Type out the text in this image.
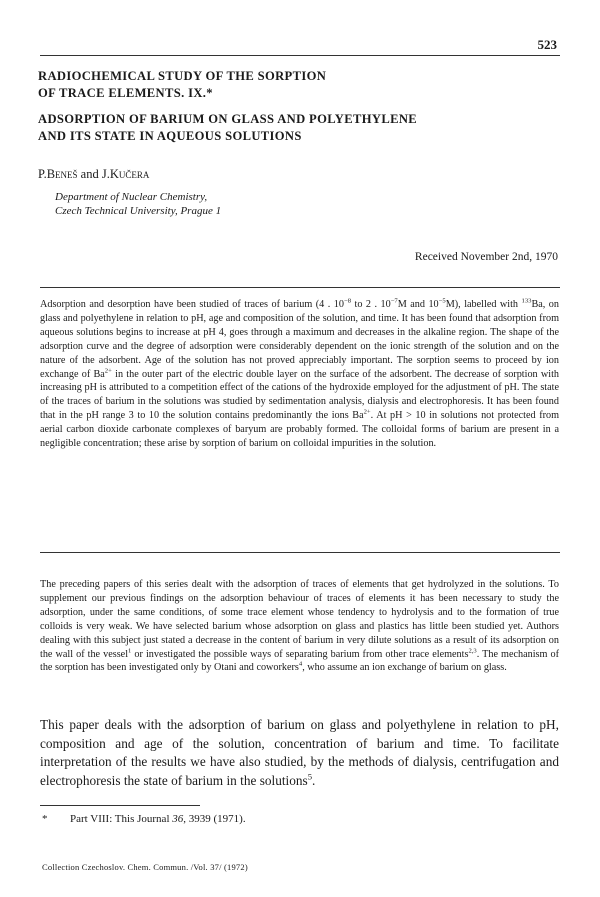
523
RADIOCHEMICAL STUDY OF THE SORPTION
OF TRACE ELEMENTS. IX.*
ADSORPTION OF BARIUM ON GLASS AND POLYETHYLENE
AND ITS STATE IN AQUEOUS SOLUTIONS
P.Beneš and J.Kučera
Department of Nuclear Chemistry,
Czech Technical University, Prague 1
Received November 2nd, 1970

Adsorption and desorption have been studied of traces of barium (4 . $10^{-8}$ to 2 . $10^{-7}M$ and $10^{-5}M$), labelled with $^{133}$Ba, on glass and polyethylene in relation to pH, age and composition of the solution, and time. It has been found that adsorption from aqueous solutions begins to increase at pH 4, goes through a maximum and decreases in the alkaline region. The shape of the adsorption curve and the degree of adsorption were considerably dependent on the ionic strength of the solution and on the nature of the adsorbent. Age of the solution has not proved appreciably important. The sorption seems to proceed by ion exchange of $Ba^{2+}$ in the outer part of the electric double layer on the surface of the adsorbent. The decrease of sorption with increasing pH is attributed to a competition effect of the cations of the hydroxide employed for the adjustment of pH. The state of the traces of barium in the solutions was studied by sedimentation analysis, dialysis and electrophoresis. It has been found that in the pH range 3 to 10 the solution contains predominantly the ions $Ba^{2+}$. At pH > 10 in solutions not protected from aerial carbon dioxide carbonate complexes of baryum are probably formed. The colloidal forms of barium are present in a negligible concentration; these arise by sorption of barium on colloidal impurities in the solution.

The preceding papers of this series dealt with the adsorption of traces of elements that get hydrolyzed in the solutions. To supplement our previous findings on the adsorption behaviour of traces of elements it has been necessary to study the adsorption, under the same conditions, of some trace element whose tendency to hydrolysis and to the formation of true colloids is very weak. We have selected barium whose adsorption on glass and plastics has little been studied yet. Authors dealing with this subject just stated a decrease in the content of barium in very dilute solutions as a result of its adsorption on the wall of the vessel$^1$ or investigated the possible ways of separating barium from other trace elements$^{2,3}$. The mechanism of the sorption has been investigated only by Otani and coworkers$^4$, who assume an ion exchange of barium on glass.

This paper deals with the adsorption of barium on glass and polyethylene in relation to pH, composition and age of the solution, concentration of barium and time. To facilitate interpretation of the results we have also studied, by the methods of dialysis, centrifugation and electrophoresis the state of barium in the solutions$^5$.

* Part VIII: This Journal 36, 3939 (1971).
Collection Czechoslov. Chem. Commun. /Vol. 37/ (1972)
